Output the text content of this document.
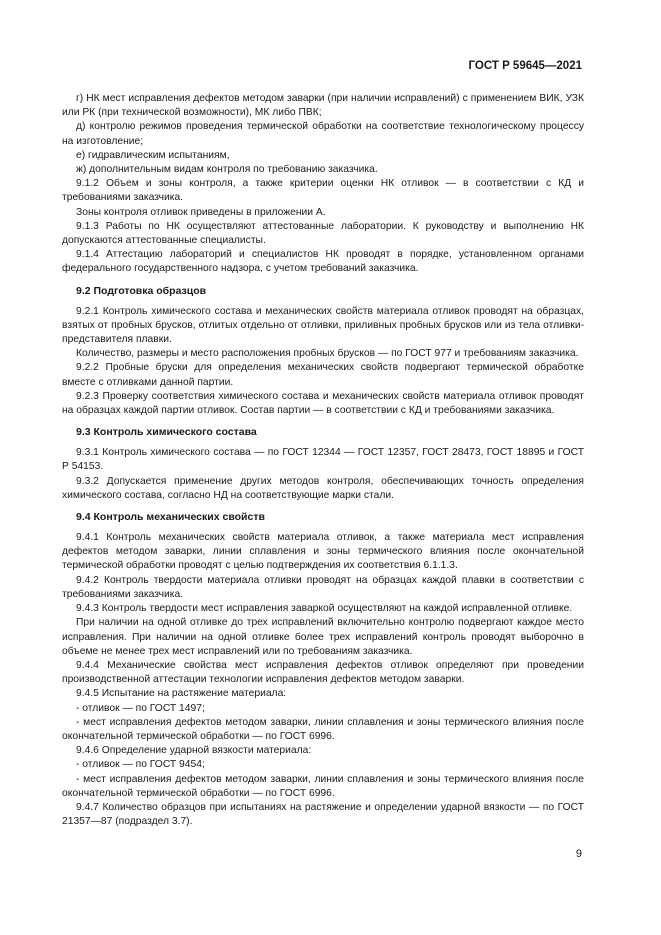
ГОСТ Р 59645—2021

г) НК мест исправления дефектов методом заварки (при наличии исправлений) с применением ВИК, УЗК или РК (при технической возможности), МК либо ПВК;

д) контролю режимов проведения термической обработки на соответствие технологическому процессу на изготовление;

е) гидравлическим испытаниям,

ж) дополнительным видам контроля по требованию заказчика.

9.1.2 Объем и зоны контроля, а также критерии оценки НК отливок — в соответствии с КД и требованиями заказчика.

Зоны контроля отливок приведены в приложении А.

9.1.3 Работы по НК осуществляют аттестованные лаборатории. К руководству и выполнению НК допускаются аттестованные специалисты.

9.1.4 Аттестацию лабораторий и специалистов НК проводят в порядке, установленном органами федерального государственного надзора, с учетом требований заказчика.

9.2 Подготовка образцов

9.2.1 Контроль химического состава и механических свойств материала отливок проводят на образцах, взятых от пробных брусков, отлитых отдельно от отливки, приливных пробных брусков или из тела отливки-представителя плавки.

Количество, размеры и место расположения пробных брусков — по ГОСТ 977 и требованиям заказчика.

9.2.2 Пробные бруски для определения механических свойств подвергают термической обработке вместе с отливками данной партии.

9.2.3 Проверку соответствия химического состава и механических свойств материала отливок проводят на образцах каждой партии отливок. Состав партии — в соответствии с КД и требованиями заказчика.

9.3 Контроль химического состава

9.3.1 Контроль химического состава — по ГОСТ 12344 — ГОСТ 12357, ГОСТ 28473, ГОСТ 18895 и ГОСТ Р 54153.

9.3.2 Допускается применение других методов контроля, обеспечивающих точность определения химического состава, согласно НД на соответствующие марки стали.

9.4 Контроль механических свойств

9.4.1 Контроль механических свойств материала отливок, а также материала мест исправления дефектов методом заварки, линии сплавления и зоны термического влияния после окончательной термической обработки проводят с целью подтверждения их соответствия 6.1.1.3.

9.4.2 Контроль твердости материала отливки проводят на образцах каждой плавки в соответствии с требованиями заказчика.

9.4.3 Контроль твердости мест исправления заваркой осуществляют на каждой исправленной отливке.

При наличии на одной отливке до трех исправлений включительно контролю подвергают каждое место исправления. При наличии на одной отливке более трех исправлений контроль проводят выборочно в объеме не менее трех мест исправлений или по требованиям заказчика.

9.4.4 Механические свойства мест исправления дефектов отливок определяют при проведении производственной аттестации технологии исправления дефектов методом заварки.

9.4.5 Испытание на растяжение материала:

- отливок — по ГОСТ 1497;

- мест исправления дефектов методом заварки, линии сплавления и зоны термического влияния после окончательной термической обработки — по ГОСТ 6996.

9.4.6 Определение ударной вязкости материала:

- отливок — по ГОСТ 9454;

- мест исправления дефектов методом заварки, линии сплавления и зоны термического влияния после окончательной термической обработки — по ГОСТ 6996.

9.4.7 Количество образцов при испытаниях на растяжение и определении ударной вязкости — по ГОСТ 21357—87 (подраздел 3.7).

9
